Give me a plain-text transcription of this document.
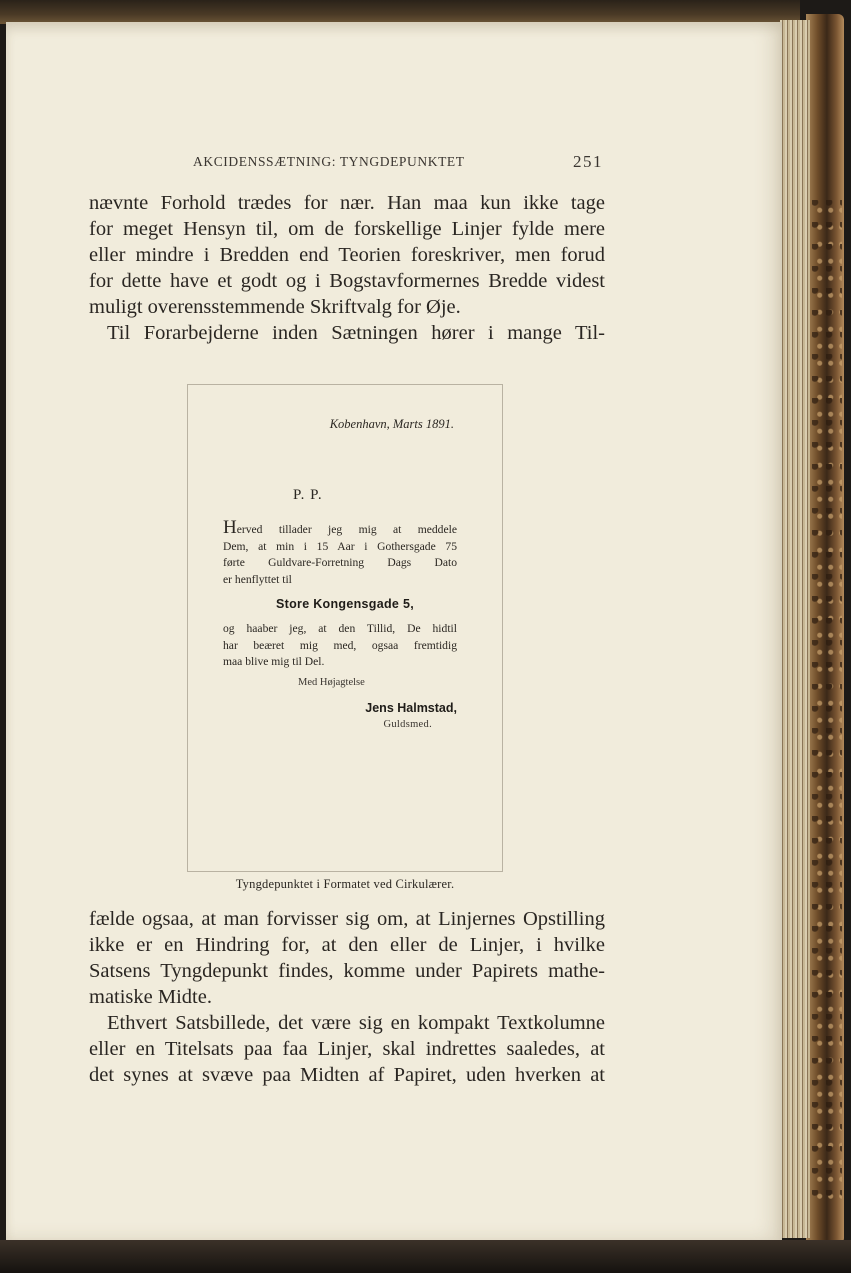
AKCIDENSSÆTNING: TYNGDEPUNKTET	251

nævnte Forhold trædes for nær. Han maa kun ikke tage

for meget Hensyn til, om de forskellige Linjer fylde mere

eller mindre i Bredden end Teorien foreskriver, men forud

for dette have et godt og i Bogstavformernes Bredde videst

muligt overensstemmende Skriftvalg for Øje.

Til Forarbejderne inden Sætningen hører i mange Til-

Kobenhavn, Marts 1891.
P. P.

Herved tillader jeg mig at meddele

Dem, at min i 15 Aar i Gothersgade 75

førte Guldvare-Forretning Dags Dato

er henflyttet til

Store Kongensgade 5,

og haaber jeg, at den Tillid, De hidtil

har beæret mig med, ogsaa fremtidig

maa blive mig til Del.

Med Højagtelse
Jens Halmstad,
Guldsmed.
Tyngdepunktet i Formatet ved Cirkulærer.

fælde ogsaa, at man forvisser sig om, at Linjernes Opstilling

ikke er en Hindring for, at den eller de Linjer, i hvilke

Satsens Tyngdepunkt findes, komme under Papirets mathe-

matiske Midte.

Ethvert Satsbillede, det være sig en kompakt Textkolumne

eller en Titelsats paa faa Linjer, skal indrettes saaledes, at

det synes at svæve paa Midten af Papiret, uden hverken at
